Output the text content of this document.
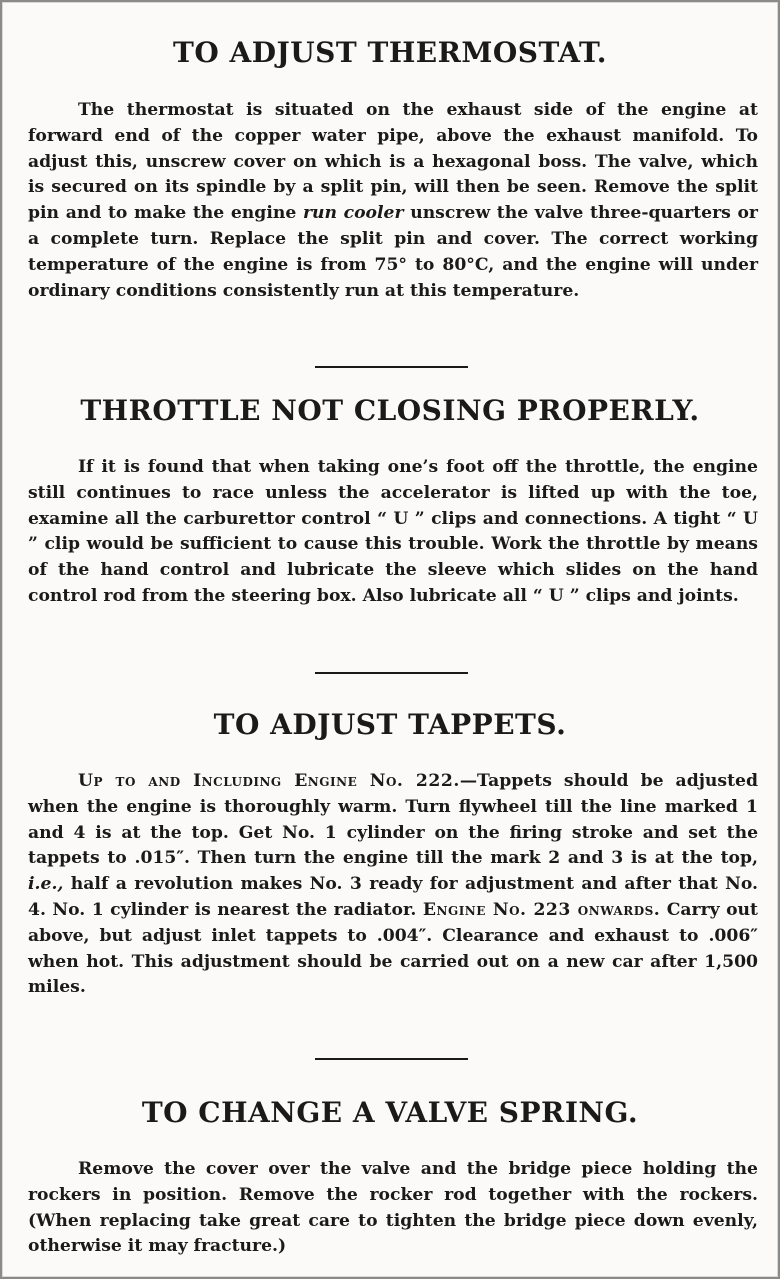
TO ADJUST THERMOSTAT.

The thermostat is situated on the exhaust side of the engine at forward end of the copper water pipe, above the exhaust manifold. To adjust this, unscrew cover on which is a hexagonal boss. The valve, which is secured on its spindle by a split pin, will then be seen. Remove the split pin and to make the engine run cooler unscrew the valve three-quarters or a complete turn. Replace the split pin and cover. The correct working temperature of the engine is from 75° to 80°C, and the engine will under ordinary conditions consistently run at this temperature.

THROTTLE NOT CLOSING PROPERLY.

If it is found that when taking one’s foot off the throttle, the engine still continues to race unless the accelerator is lifted up with the toe, examine all the carburettor control “ U ” clips and connections. A tight “ U ” clip would be sufficient to cause this trouble. Work the throttle by means of the hand control and lubricate the sleeve which slides on the hand control rod from the steering box. Also lubricate all “ U ” clips and joints.

TO ADJUST TAPPETS.

Up to and Including Engine No. 222.—Tappets should be adjusted when the engine is thoroughly warm. Turn flywheel till the line marked 1 and 4 is at the top. Get No. 1 cylinder on the firing stroke and set the tappets to .015″. Then turn the engine till the mark 2 and 3 is at the top, i.e., half a revolution makes No. 3 ready for adjustment and after that No. 4. No. 1 cylinder is nearest the radiator. Engine No. 223 onwards. Carry out above, but adjust inlet tappets to .004″. Clearance and exhaust to .006″ when hot. This adjustment should be carried out on a new car after 1,500 miles.

TO CHANGE A VALVE SPRING.

Remove the cover over the valve and the bridge piece holding the rockers in position. Remove the rocker rod together with the rockers. (When replacing take great care to tighten the bridge piece down evenly, otherwise it may fracture.)
